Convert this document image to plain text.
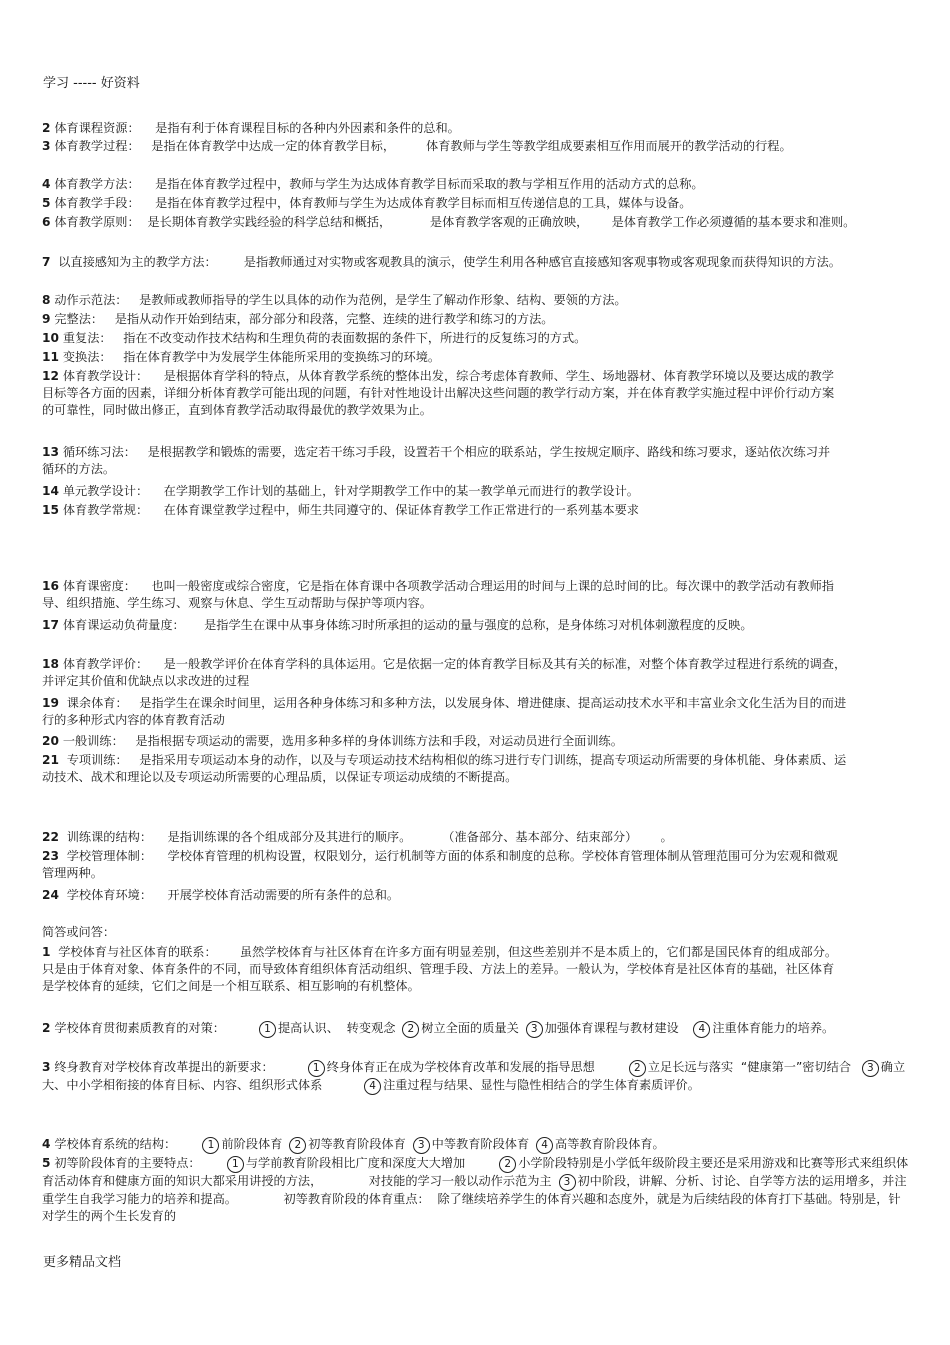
学习 ----- 好资料
2 体育课程资源：    是指有利于体育课程目标的各种内外因素和条件的总和。
3 体育教学过程：   是指在体育教学中达成一定的体育教学目标，        体育教师与学生等教学组成要素相互作用而展开的教学活动的行程。
4 体育教学方法：    是指在体育教学过程中，教师与学生为达成体育教学目标而采取的教与学相互作用的活动方式的总称。
5 体育教学手段：    是指在体育教学过程中，体育教师与学生为达成体育教学目标而相互传递信息的工具，媒体与设备。
6 体育教学原则：  是长期体育教学实践经验的科学总结和概括，          是体育教学客观的正确放映，      是体育教学工作必须遵循的基本要求和准则。
7  以直接感知为主的教学方法：       是指教师通过对实物或客观教具的演示，使学生利用各种感官直接感知客观事物或客观现象而获得知识的方法。
8 动作示范法：   是教师或教师指导的学生以具体的动作为范例，是学生了解动作形象、结构、要领的方法。
9 完整法：   是指从动作开始到结束，部分部分和段落，完整、连续的进行教学和练习的方法。
10 重复法：   指在不改变动作技术结构和生理负荷的表面数据的条件下，所进行的反复练习的方式。
11 变换法：   指在体育教学中为发展学生体能所采用的变换练习的环境。
12 体育教学设计：    是根据体育学科的特点，从体育教学系统的整体出发，综合考虑体育教师、学生、场地器材、体育教学环境以及要达成的教学目标等各方面的因素，详细分析体育教学可能出现的问题，有针对性地设计出解决这些问题的教学行动方案，并在体育教学实施过程中评价行动方案的可靠性，同时做出修正，直到体育教学活动取得最优的教学效果为止。
13 循环练习法：   是根据教学和锻炼的需要，选定若干练习手段，设置若干个相应的联系站，学生按规定顺序、路线和练习要求，逐站依次练习并循环的方法。
14 单元教学设计：    在学期教学工作计划的基础上，针对学期教学工作中的某一教学单元而进行的教学设计。
15 体育教学常规：    在体育课堂教学过程中，师生共同遵守的、保证体育教学工作正常进行的一系列基本要求
16 体育课密度：    也叫一般密度或综合密度，它是指在体育课中各项教学活动合理运用的时间与上课的总时间的比。每次课中的教学活动有教师指导、组织措施、学生练习、观察与休息、学生互动帮助与保护等项内容。
17 体育课运动负荷量度：     是指学生在课中从事身体练习时所承担的运动的量与强度的总称，是身体练习对机体刺激程度的反映。
18 体育教学评价：    是一般教学评价在体育学科的具体运用。它是依据一定的体育教学目标及其有关的标准，对整个体育教学过程进行系统的调查，并评定其价值和优缺点以求改进的过程
19  课余体育：   是指学生在课余时间里，运用各种身体练习和多种方法，以发展身体、增进健康、提高运动技术水平和丰富业余文化生活为目的而进行的多种形式内容的体育教育活动
20 一般训练：   是指根据专项运动的需要，选用多种多样的身体训练方法和手段，对运动员进行全面训练。
21  专项训练：   是指采用专项运动本身的动作，以及与专项运动技术结构相似的练习进行专门训练，提高专项运动所需要的身体机能、身体素质、运动技术、战术和理论以及专项运动所需要的心理品质，以保证专项运动成绩的不断提高。
22  训练课的结构：    是指训练课的各个组成部分及其进行的顺序。        （准备部分、基本部分、结束部分）      。
23  学校管理体制：    学校体育管理的机构设置，权限划分，运行机制等方面的体系和制度的总称。学校体育管理体制从管理范围可分为宏观和微观管理两种。
24  学校体育环境：    开展学校体育活动需要的所有条件的总和。
简答或问答：
1  学校体育与社区体育的联系：      虽然学校体育与社区体育在许多方面有明显差别，但这些差别并不是本质上的，它们都是国民体育的组成部分。只是由于体育对象、体育条件的不同，而导致体育组织体育活动组织、管理手段、方法上的差异。一般认为，学校体育是社区体育的基础，社区体育是学校体育的延续，它们之间是一个相互联系、相互影响的有机整体。
2 学校体育贯彻素质教育的对策：        1 提高认识、  转变观念 2 树立全面的质量关 3 加强体育课程与教材建设   4 注重体育能力的培养。
3 终身教育对学校体育改革提出的新要求：        1 终身体育正在成为学校体育改革和发展的指导思想        2 立足长远与落实  “健康第一”密切结合  3 确立大、中小学相衔接的体育目标、内容、组织形式体系          4 注重过程与结果、显性与隐性相结合的学生体育素质评价。
4 学校体育系统的结构：      1 前阶段体育 2 初等教育阶段体育 3 中等教育阶段体育 4 高等教育阶段体育。
5 初等阶段体育的主要特点：      1 与学前教育阶段相比广度和深度大大增加        2 小学阶段特别是小学低年级阶段主要还是采用游戏和比赛等形式来组织体育活动体育和健康方面的知识大都采用讲授的方法，            对技能的学习一般以动作示范为主 3 初中阶段，讲解、分析、讨论、自学等方法的运用增多，并注重学生自我学习能力的培养和提高。            初等教育阶段的体育重点：  除了继续培养学生的体育兴趣和态度外，就是为后续结段的体育打下基础。特别是，针对学生的两个生长发育的
更多精品文档
